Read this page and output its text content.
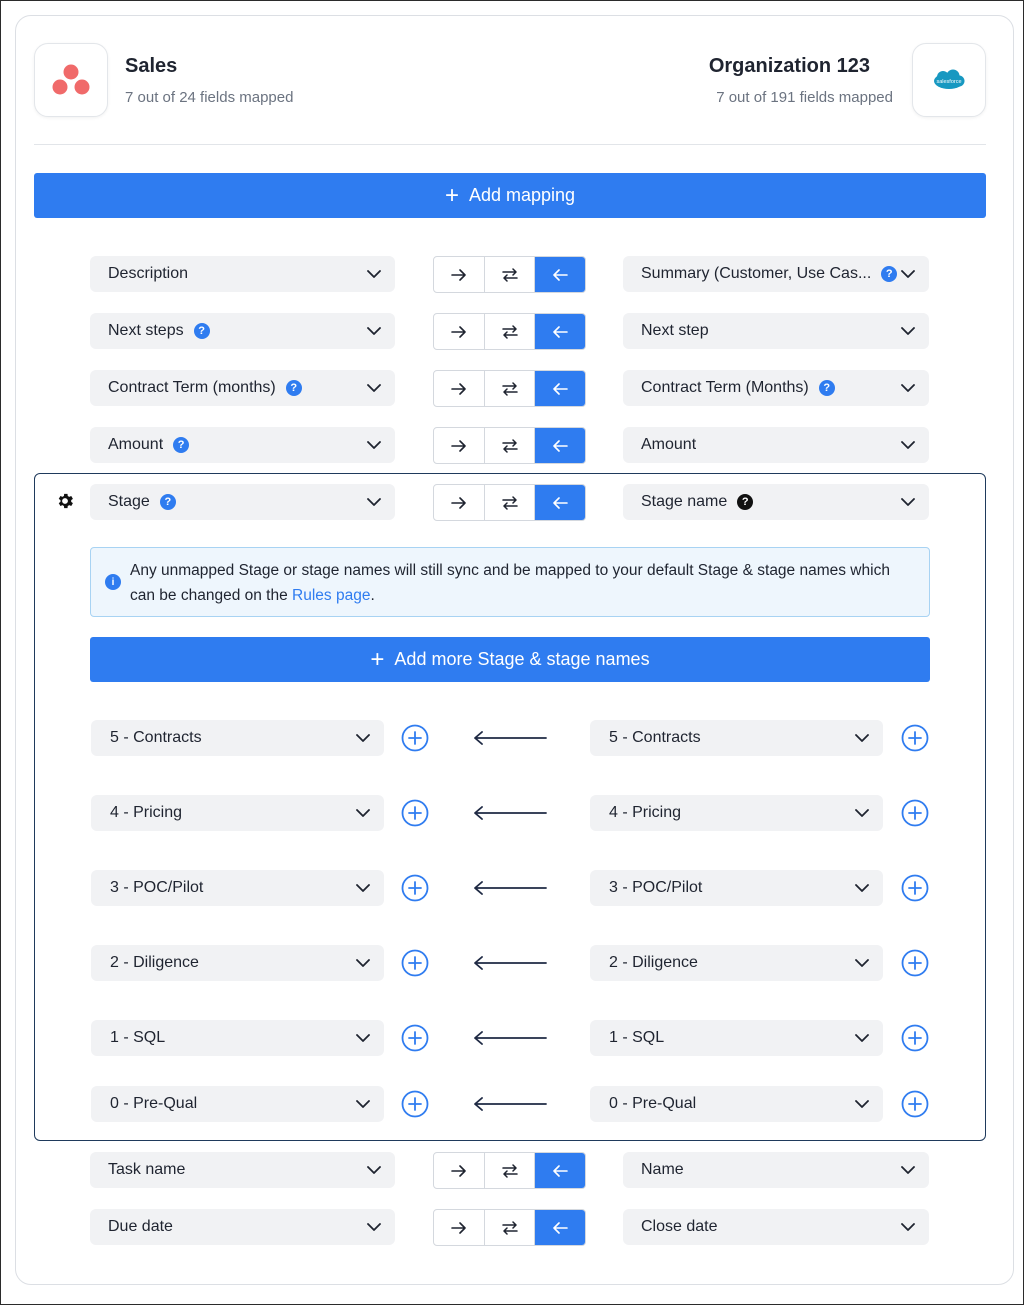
Sales
7 out of 24 fields mapped
Organization 123
7 out of 191 fields mapped
salesforce
+ Add mapping
Description	Summary (Customer, Use Cas...	?
Next steps	?	Next step
Contract Term (months)	?	Contract Term (Months)	?
Amount	?	Amount
Stage	?	Stage name	?
Task name	Name
Due date	Close date
i
Any unmapped Stage or stage names will still sync and be mapped to your default Stage & stage names which can be changed on the Rules page.
+ Add more Stage & stage names
5 - Contracts	5 - Contracts
4 - Pricing	4 - Pricing
3 - POC/Pilot	3 - POC/Pilot
2 - Diligence	2 - Diligence
1 - SQL	1 - SQL
0 - Pre-Qual	0 - Pre-Qual
